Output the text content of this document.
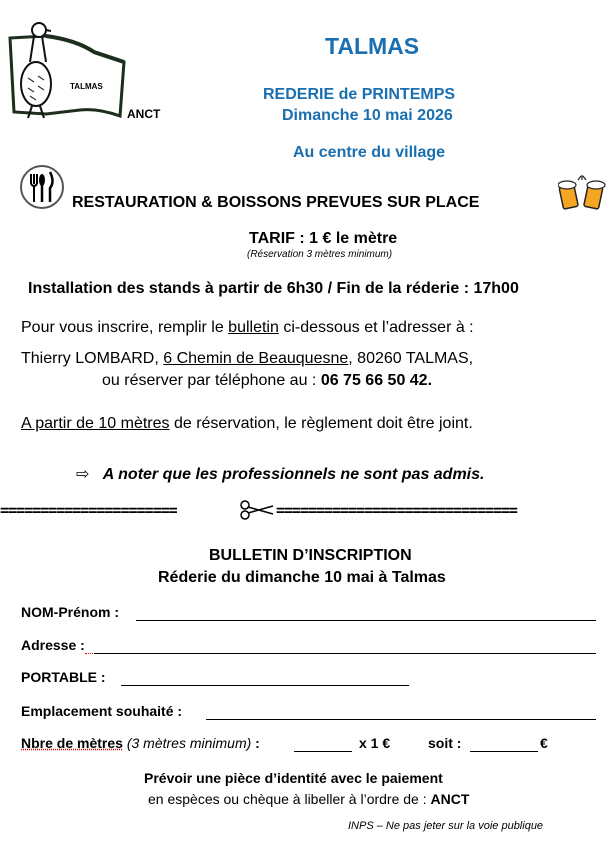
TALMAS
ANCT
TALMAS
REDERIE de PRINTEMPS
Dimanche 10 mai 2026
Au centre du village
RESTAURATION & BOISSONS PREVUES SUR PLACE
TARIF : 1 € le mètre
(Réservation 3 mètres minimum)
Installation des stands à partir de 6h30 / Fin de la réderie : 17h00
Pour vous inscrire, remplir le bulletin ci-dessous et l’adresser à :
Thierry LOMBARD, 6 Chemin de Beauquesne, 80260 TALMAS,
ou réserver par téléphone au : 06 75 66 50 42.
A partir de 10 mètres de réservation, le règlement doit être joint.
⇨ A noter que les professionnels ne sont pas admis.
======================	==============================
BULLETIN D’INSCRIPTION
Réderie du dimanche 10 mai à Talmas
NOM-Prénom :
Adresse :
PORTABLE :
Emplacement souhaité :
Nbre de mètres (3 mètres minimum) :	x 1 €	soit :	€
Prévoir une pièce d’identité avec le paiement
en espèces ou chèque à libeller à l’ordre de : ANCT
INPS – Ne pas jeter sur la voie publique
